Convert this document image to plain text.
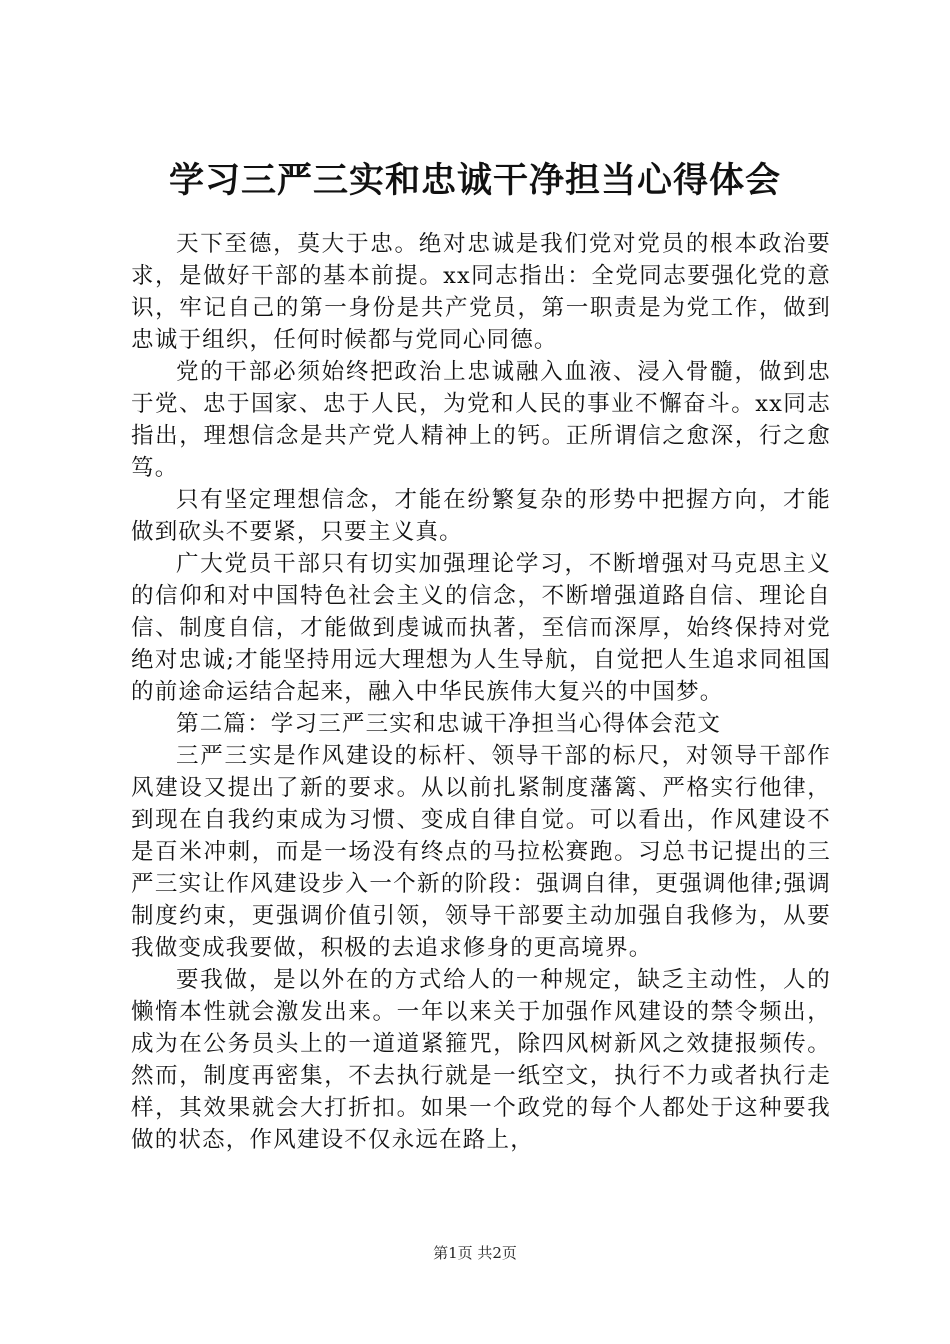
学习三严三实和忠诚干净担当心得体会

天下至德，莫大于忠。绝对忠诚是我们党对党员的根本政治要求，是做好干部的基本前提。xx同志指出：全党同志要强化党的意识，牢记自己的第一身份是共产党员，第一职责是为党工作，做到忠诚于组织，任何时候都与党同心同德。

党的干部必须始终把政治上忠诚融入血液、浸入骨髓，做到忠于党、忠于国家、忠于人民，为党和人民的事业不懈奋斗。xx同志指出，理想信念是共产党人精神上的钙。正所谓信之愈深，行之愈笃。

只有坚定理想信念，才能在纷繁复杂的形势中把握方向，才能做到砍头不要紧，只要主义真。

广大党员干部只有切实加强理论学习，不断增强对马克思主义的信仰和对中国特色社会主义的信念，不断增强道路自信、理论自信、制度自信，才能做到虔诚而执著，至信而深厚，始终保持对党绝对忠诚;才能坚持用远大理想为人生导航，自觉把人生追求同祖国的前途命运结合起来，融入中华民族伟大复兴的中国梦。

第二篇：学习三严三实和忠诚干净担当心得体会范文

三严三实是作风建设的标杆、领导干部的标尺，对领导干部作风建设又提出了新的要求。从以前扎紧制度藩篱、严格实行他律，到现在自我约束成为习惯、变成自律自觉。可以看出，作风建设不是百米冲刺，而是一场没有终点的马拉松赛跑。习总书记提出的三严三实让作风建设步入一个新的阶段：强调自律，更强调他律;强调制度约束，更强调价值引领，领导干部要主动加强自我修为，从要我做变成我要做，积极的去追求修身的更高境界。

要我做，是以外在的方式给人的一种规定，缺乏主动性，人的懒惰本性就会激发出来。一年以来关于加强作风建设的禁令频出，成为在公务员头上的一道道紧箍咒，除四风树新风之效捷报频传。然而，制度再密集，不去执行就是一纸空文，执行不力或者执行走样，其效果就会大打折扣。如果一个政党的每个人都处于这种要我做的状态，作风建设不仅永远在路上，

第1页 共2页
